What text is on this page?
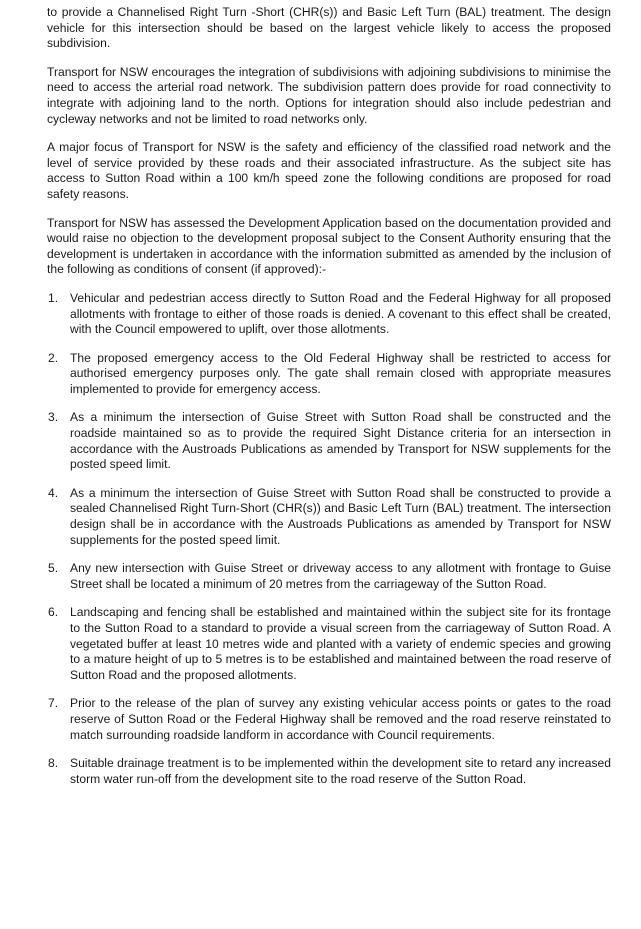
to provide a Channelised Right Turn -Short (CHR(s)) and Basic Left Turn (BAL) treatment. The design vehicle for this intersection should be based on the largest vehicle likely to access the proposed subdivision.

Transport for NSW encourages the integration of subdivisions with adjoining subdivisions to minimise the need to access the arterial road network. The subdivision pattern does provide for road connectivity to integrate with adjoining land to the north. Options for integration should also include pedestrian and cycleway networks and not be limited to road networks only.

A major focus of Transport for NSW is the safety and efficiency of the classified road network and the level of service provided by these roads and their associated infrastructure. As the subject site has access to Sutton Road within a 100 km/h speed zone the following conditions are proposed for road safety reasons.

Transport for NSW has assessed the Development Application based on the documentation provided and would raise no objection to the development proposal subject to the Consent Authority ensuring that the development is undertaken in accordance with the information submitted as amended by the inclusion of the following as conditions of consent (if approved):-

1. Vehicular and pedestrian access directly to Sutton Road and the Federal Highway for all proposed allotments with frontage to either of those roads is denied. A covenant to this effect shall be created, with the Council empowered to uplift, over those allotments.
2. The proposed emergency access to the Old Federal Highway shall be restricted to access for authorised emergency purposes only. The gate shall remain closed with appropriate measures implemented to provide for emergency access.
3. As a minimum the intersection of Guise Street with Sutton Road shall be constructed and the roadside maintained so as to provide the required Sight Distance criteria for an intersection in accordance with the Austroads Publications as amended by Transport for NSW supplements for the posted speed limit.
4. As a minimum the intersection of Guise Street with Sutton Road shall be constructed to provide a sealed Channelised Right Turn-Short (CHR(s)) and Basic Left Turn (BAL) treatment. The intersection design shall be in accordance with the Austroads Publications as amended by Transport for NSW supplements for the posted speed limit.
5. Any new intersection with Guise Street or driveway access to any allotment with frontage to Guise Street shall be located a minimum of 20 metres from the carriageway of the Sutton Road.
6. Landscaping and fencing shall be established and maintained within the subject site for its frontage to the Sutton Road to a standard to provide a visual screen from the carriageway of Sutton Road. A vegetated buffer at least 10 metres wide and planted with a variety of endemic species and growing to a mature height of up to 5 metres is to be established and maintained between the road reserve of Sutton Road and the proposed allotments.
7. Prior to the release of the plan of survey any existing vehicular access points or gates to the road reserve of Sutton Road or the Federal Highway shall be removed and the road reserve reinstated to match surrounding roadside landform in accordance with Council requirements.
8. Suitable drainage treatment is to be implemented within the development site to retard any increased storm water run-off from the development site to the road reserve of the Sutton Road.
